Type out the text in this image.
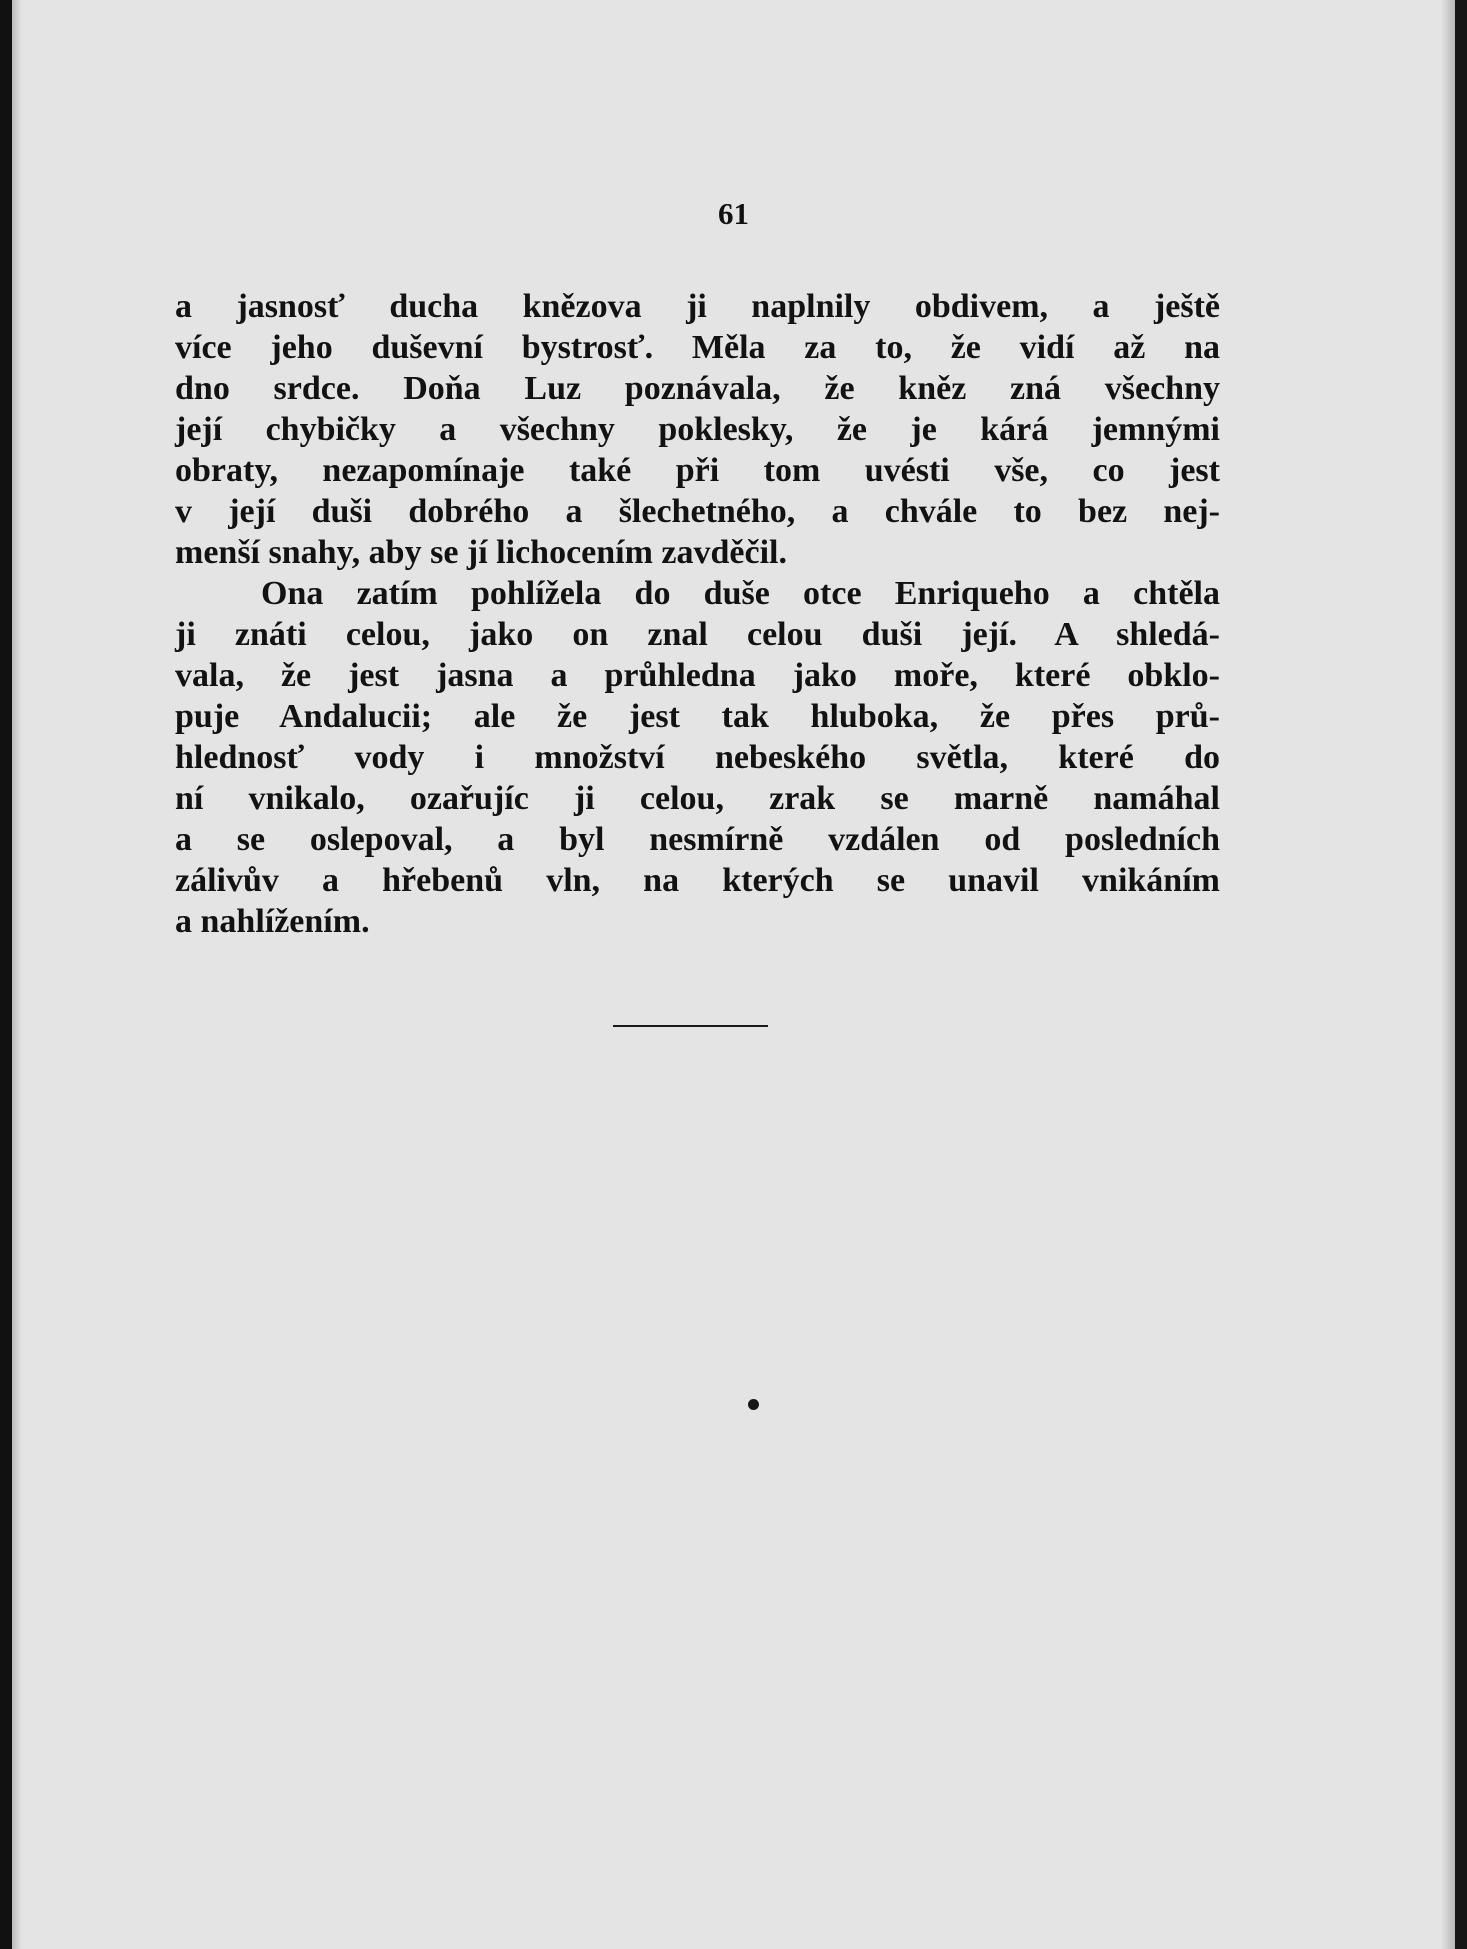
61
a jasnosť ducha knězova ji naplnily obdivem, a ještě
více jeho duševní bystrosť. Měla za to, že vidí až na
dno srdce. Doňa Luz poznávala, že kněz zná všechny
její chybičky a všechny poklesky, že je kárá jemnými
obraty, nezapomínaje také při tom uvésti vše, co jest
v její duši dobrého a šlechetného, a chvále to bez nej-
menší snahy, aby se jí lichocením zavděčil.
Ona zatím pohlížela do duše otce Enriqueho a chtěla
ji znáti celou, jako on znal celou duši její. A shledá-
vala, že jest jasna a průhledna jako moře, které obklo-
puje Andalucii; ale že jest tak hluboka, že přes prů-
hlednosť vody i množství nebeského světla, které do
ní vnikalo, ozařujíc ji celou, zrak se marně namáhal
a se oslepoval, a byl nesmírně vzdálen od posledních
zálivův a hřebenů vln, na kterých se unavil vnikáním
a nahlížením.
